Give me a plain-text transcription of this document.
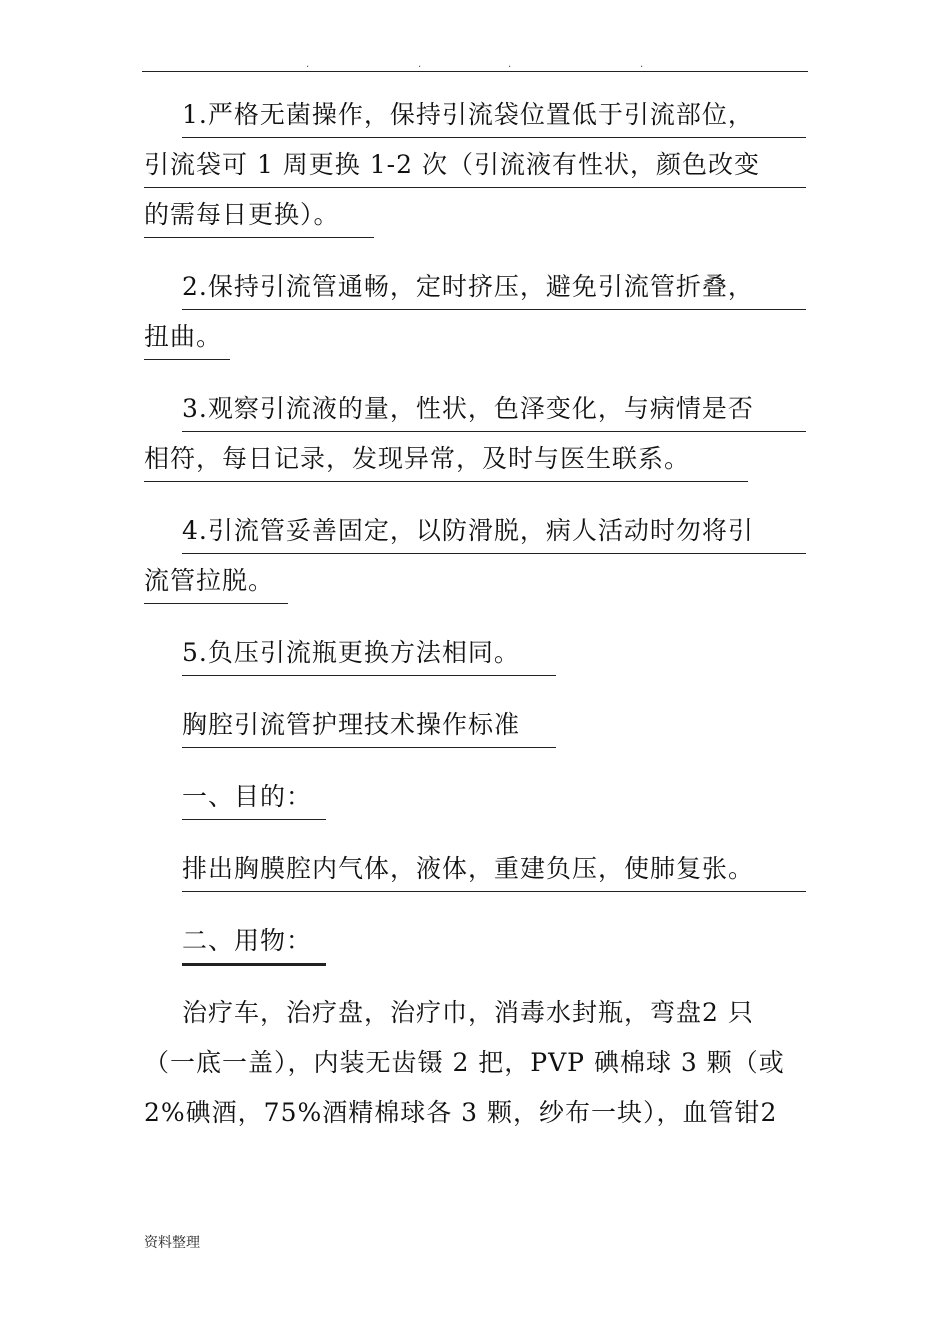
.	.	.	.
1.严格无菌操作，保持引流袋位置低于引流部位，
引流袋可 1 周更换 1-2 次（引流液有性状，颜色改变
的需每日更换）。
2.保持引流管通畅，定时挤压，避免引流管折叠，
扭曲。
3.观察引流液的量，性状，色泽变化，与病情是否
相符，每日记录，发现异常，及时与医生联系。
4.引流管妥善固定，以防滑脱，病人活动时勿将引
流管拉脱。
5.负压引流瓶更换方法相同。
胸腔引流管护理技术操作标准
一、目的：
排出胸膜腔内气体，液体，重建负压，使肺复张。
二、用物：
治疗车，治疗盘，治疗巾，消毒水封瓶，弯盘2 只
（一底一盖），内装无齿镊 2 把，PVP 碘棉球 3 颗（或
2%碘酒，75%酒精棉球各 3 颗，纱布一块），血管钳2
资料整理
